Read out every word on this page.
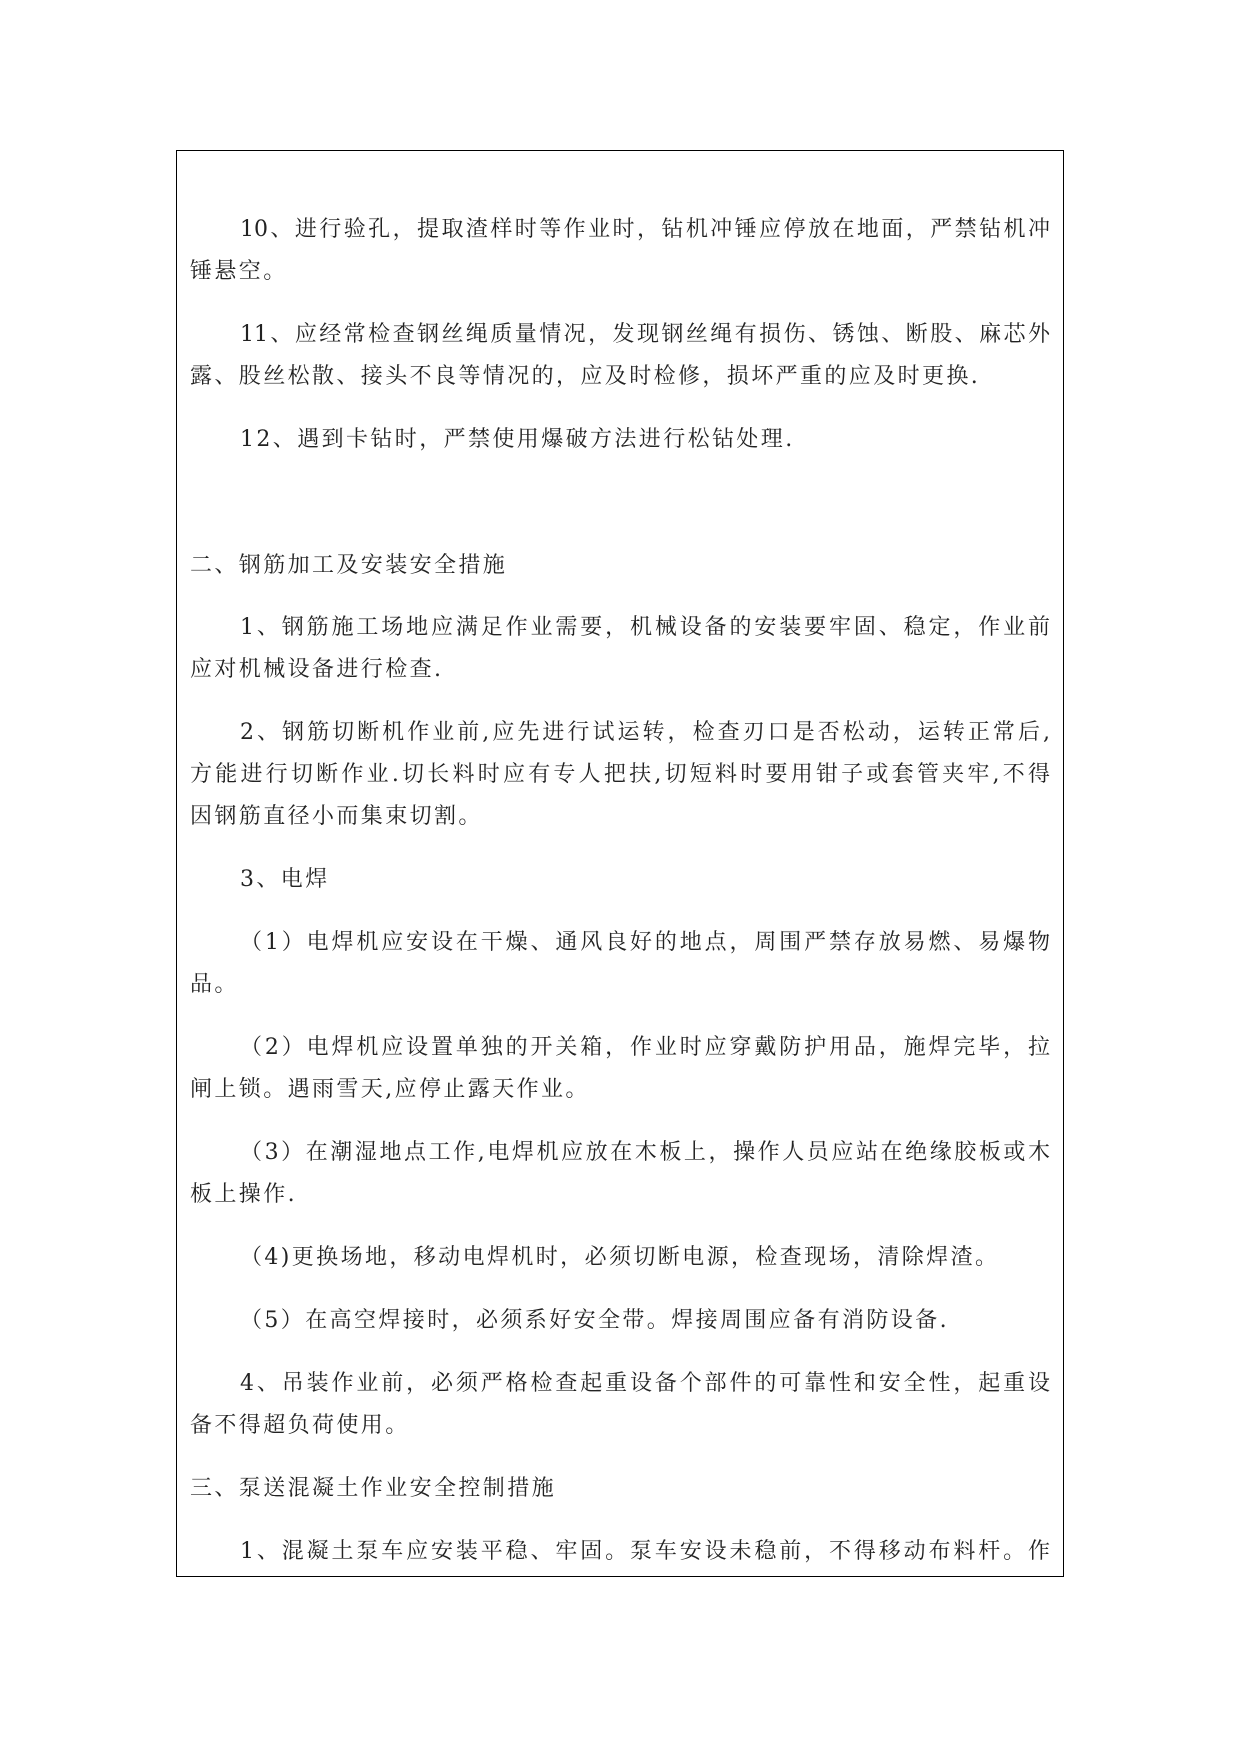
10、进行验孔，提取渣样时等作业时，钻机冲锤应停放在地面，严禁钻机冲
锤悬空。
11、应经常检查钢丝绳质量情况，发现钢丝绳有损伤、锈蚀、断股、麻芯外
露、股丝松散、接头不良等情况的，应及时检修，损坏严重的应及时更换.
12、遇到卡钻时，严禁使用爆破方法进行松钻处理.
二、钢筋加工及安装安全措施
1、钢筋施工场地应满足作业需要，机械设备的安装要牢固、稳定，作业前
应对机械设备进行检查.
2、钢筋切断机作业前,应先进行试运转，检查刃口是否松动，运转正常后,
方能进行切断作业.切长料时应有专人把扶,切短料时要用钳子或套管夹牢,不得
因钢筋直径小而集束切割。
3、电焊
（1）电焊机应安设在干燥、通风良好的地点，周围严禁存放易燃、易爆物
品。
（2）电焊机应设置单独的开关箱，作业时应穿戴防护用品，施焊完毕，拉
闸上锁。遇雨雪天,应停止露天作业。
（3）在潮湿地点工作,电焊机应放在木板上，操作人员应站在绝缘胶板或木
板上操作.
（4)更换场地，移动电焊机时，必须切断电源，检查现场，清除焊渣。
（5）在高空焊接时，必须系好安全带。焊接周围应备有消防设备.
4、吊装作业前，必须严格检查起重设备个部件的可靠性和安全性，起重设
备不得超负荷使用。
三、泵送混凝土作业安全控制措施
1、混凝土泵车应安装平稳、牢固。泵车安设未稳前，不得移动布料杆。作
